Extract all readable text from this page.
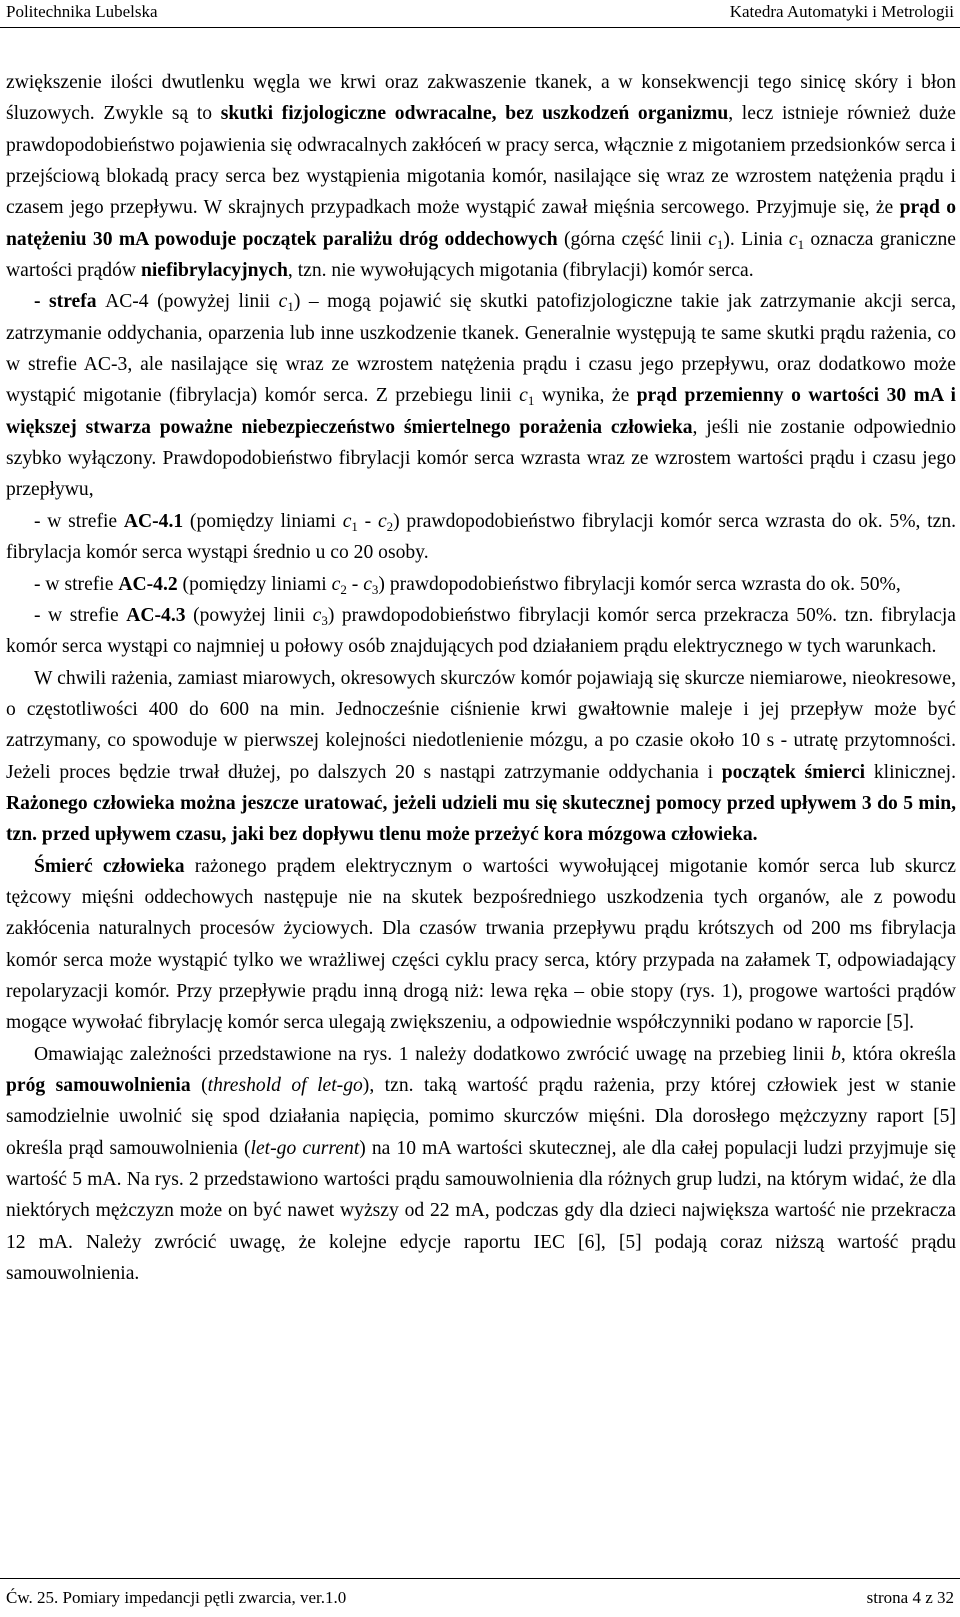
Politechnika Lubelska	Katedra Automatyki i Metrologii

zwiększenie ilości dwutlenku węgla we krwi oraz zakwaszenie tkanek, a w konsekwencji tego sinicę skóry i błon śluzowych. Zwykle są to skutki fizjologiczne odwracalne, bez uszkodzeń organizmu, lecz istnieje również duże prawdopodobieństwo pojawienia się odwracalnych zakłóceń w pracy serca, włącznie z migotaniem przedsionków serca i przejściową blokadą pracy serca bez wystąpienia migotania komór, nasilające się wraz ze wzrostem natężenia prądu i czasem jego przepływu. W skrajnych przypadkach może wystąpić zawał mięśnia sercowego. Przyjmuje się, że prąd o natężeniu 30 mA powoduje początek paraliżu dróg oddechowych (górna część linii $c_1$). Linia $c_1$ oznacza graniczne wartości prądów niefibrylacyjnych, tzn. nie wywołujących migotania (fibrylacji) komór serca.

- strefa AC-4 (powyżej linii $c_1$) – mogą pojawić się skutki patofizjologiczne takie jak zatrzymanie akcji serca, zatrzymanie oddychania, oparzenia lub inne uszkodzenie tkanek. Generalnie występują te same skutki prądu rażenia, co w strefie AC-3, ale nasilające się wraz ze wzrostem natężenia prądu i czasu jego przepływu, oraz dodatkowo może wystąpić migotanie (fibrylacja) komór serca. Z przebiegu linii $c_1$ wynika, że prąd przemienny o wartości 30 mA i większej stwarza poważne niebezpieczeństwo śmiertelnego porażenia człowieka, jeśli nie zostanie odpowiednio szybko wyłączony. Prawdopodobieństwo fibrylacji komór serca wzrasta wraz ze wzrostem wartości prądu i czasu jego przepływu,

- w strefie AC-4.1 (pomiędzy liniami $c_1 - c_2$) prawdopodobieństwo fibrylacji komór serca wzrasta do ok. 5%, tzn. fibrylacja komór serca wystąpi średnio u co 20 osoby.

- w strefie AC-4.2 (pomiędzy liniami $c_2 - c_3$) prawdopodobieństwo fibrylacji komór serca wzrasta do ok. 50%,

- w strefie AC-4.3 (powyżej linii $c_3$) prawdopodobieństwo fibrylacji komór serca przekracza 50%. tzn. fibrylacja komór serca wystąpi co najmniej u połowy osób znajdujących pod działaniem prądu elektrycznego w tych warunkach.

W chwili rażenia, zamiast miarowych, okresowych skurczów komór pojawiają się skurcze niemiarowe, nieokresowe, o częstotliwości 400 do 600 na min. Jednocześnie ciśnienie krwi gwałtownie maleje i jej przepływ może być zatrzymany, co spowoduje w pierwszej kolejności niedotlenienie mózgu, a po czasie około 10 s - utratę przytomności. Jeżeli proces będzie trwał dłużej, po dalszych 20 s nastąpi zatrzymanie oddychania i początek śmierci klinicznej. Rażonego człowieka można jeszcze uratować, jeżeli udzieli mu się skutecznej pomocy przed upływem 3 do 5 min, tzn. przed upływem czasu, jaki bez dopływu tlenu może przeżyć kora mózgowa człowieka.

Śmierć człowieka rażonego prądem elektrycznym o wartości wywołującej migotanie komór serca lub skurcz tężcowy mięśni oddechowych następuje nie na skutek bezpośredniego uszkodzenia tych organów, ale z powodu zakłócenia naturalnych procesów życiowych. Dla czasów trwania przepływu prądu krótszych od 200 ms fibrylacja komór serca może wystąpić tylko we wrażliwej części cyklu pracy serca, który przypada na załamek T, odpowiadający repolaryzacji komór. Przy przepływie prądu inną drogą niż: lewa ręka – obie stopy (rys. 1), progowe wartości prądów mogące wywołać fibrylację komór serca ulegają zwiększeniu, a odpowiednie współczynniki podano w raporcie [5].

Omawiając zależności przedstawione na rys. 1 należy dodatkowo zwrócić uwagę na przebieg linii b, która określa próg samouwolnienia (threshold of let-go), tzn. taką wartość prądu rażenia, przy której człowiek jest w stanie samodzielnie uwolnić się spod działania napięcia, pomimo skurczów mięśni. Dla dorosłego mężczyzny raport [5] określa prąd samouwolnienia (let-go current) na 10 mA wartości skutecznej, ale dla całej populacji ludzi przyjmuje się wartość 5 mA. Na rys. 2 przedstawiono wartości prądu samouwolnienia dla różnych grup ludzi, na którym widać, że dla niektórych mężczyzn może on być nawet wyższy od 22 mA, podczas gdy dla dzieci największa wartość nie przekracza 12 mA. Należy zwrócić uwagę, że kolejne edycje raportu IEC [6], [5] podają coraz niższą wartość prądu samouwolnienia.

Ćw. 25. Pomiary impedancji pętli zwarcia, ver.1.0	strona 4 z 32
